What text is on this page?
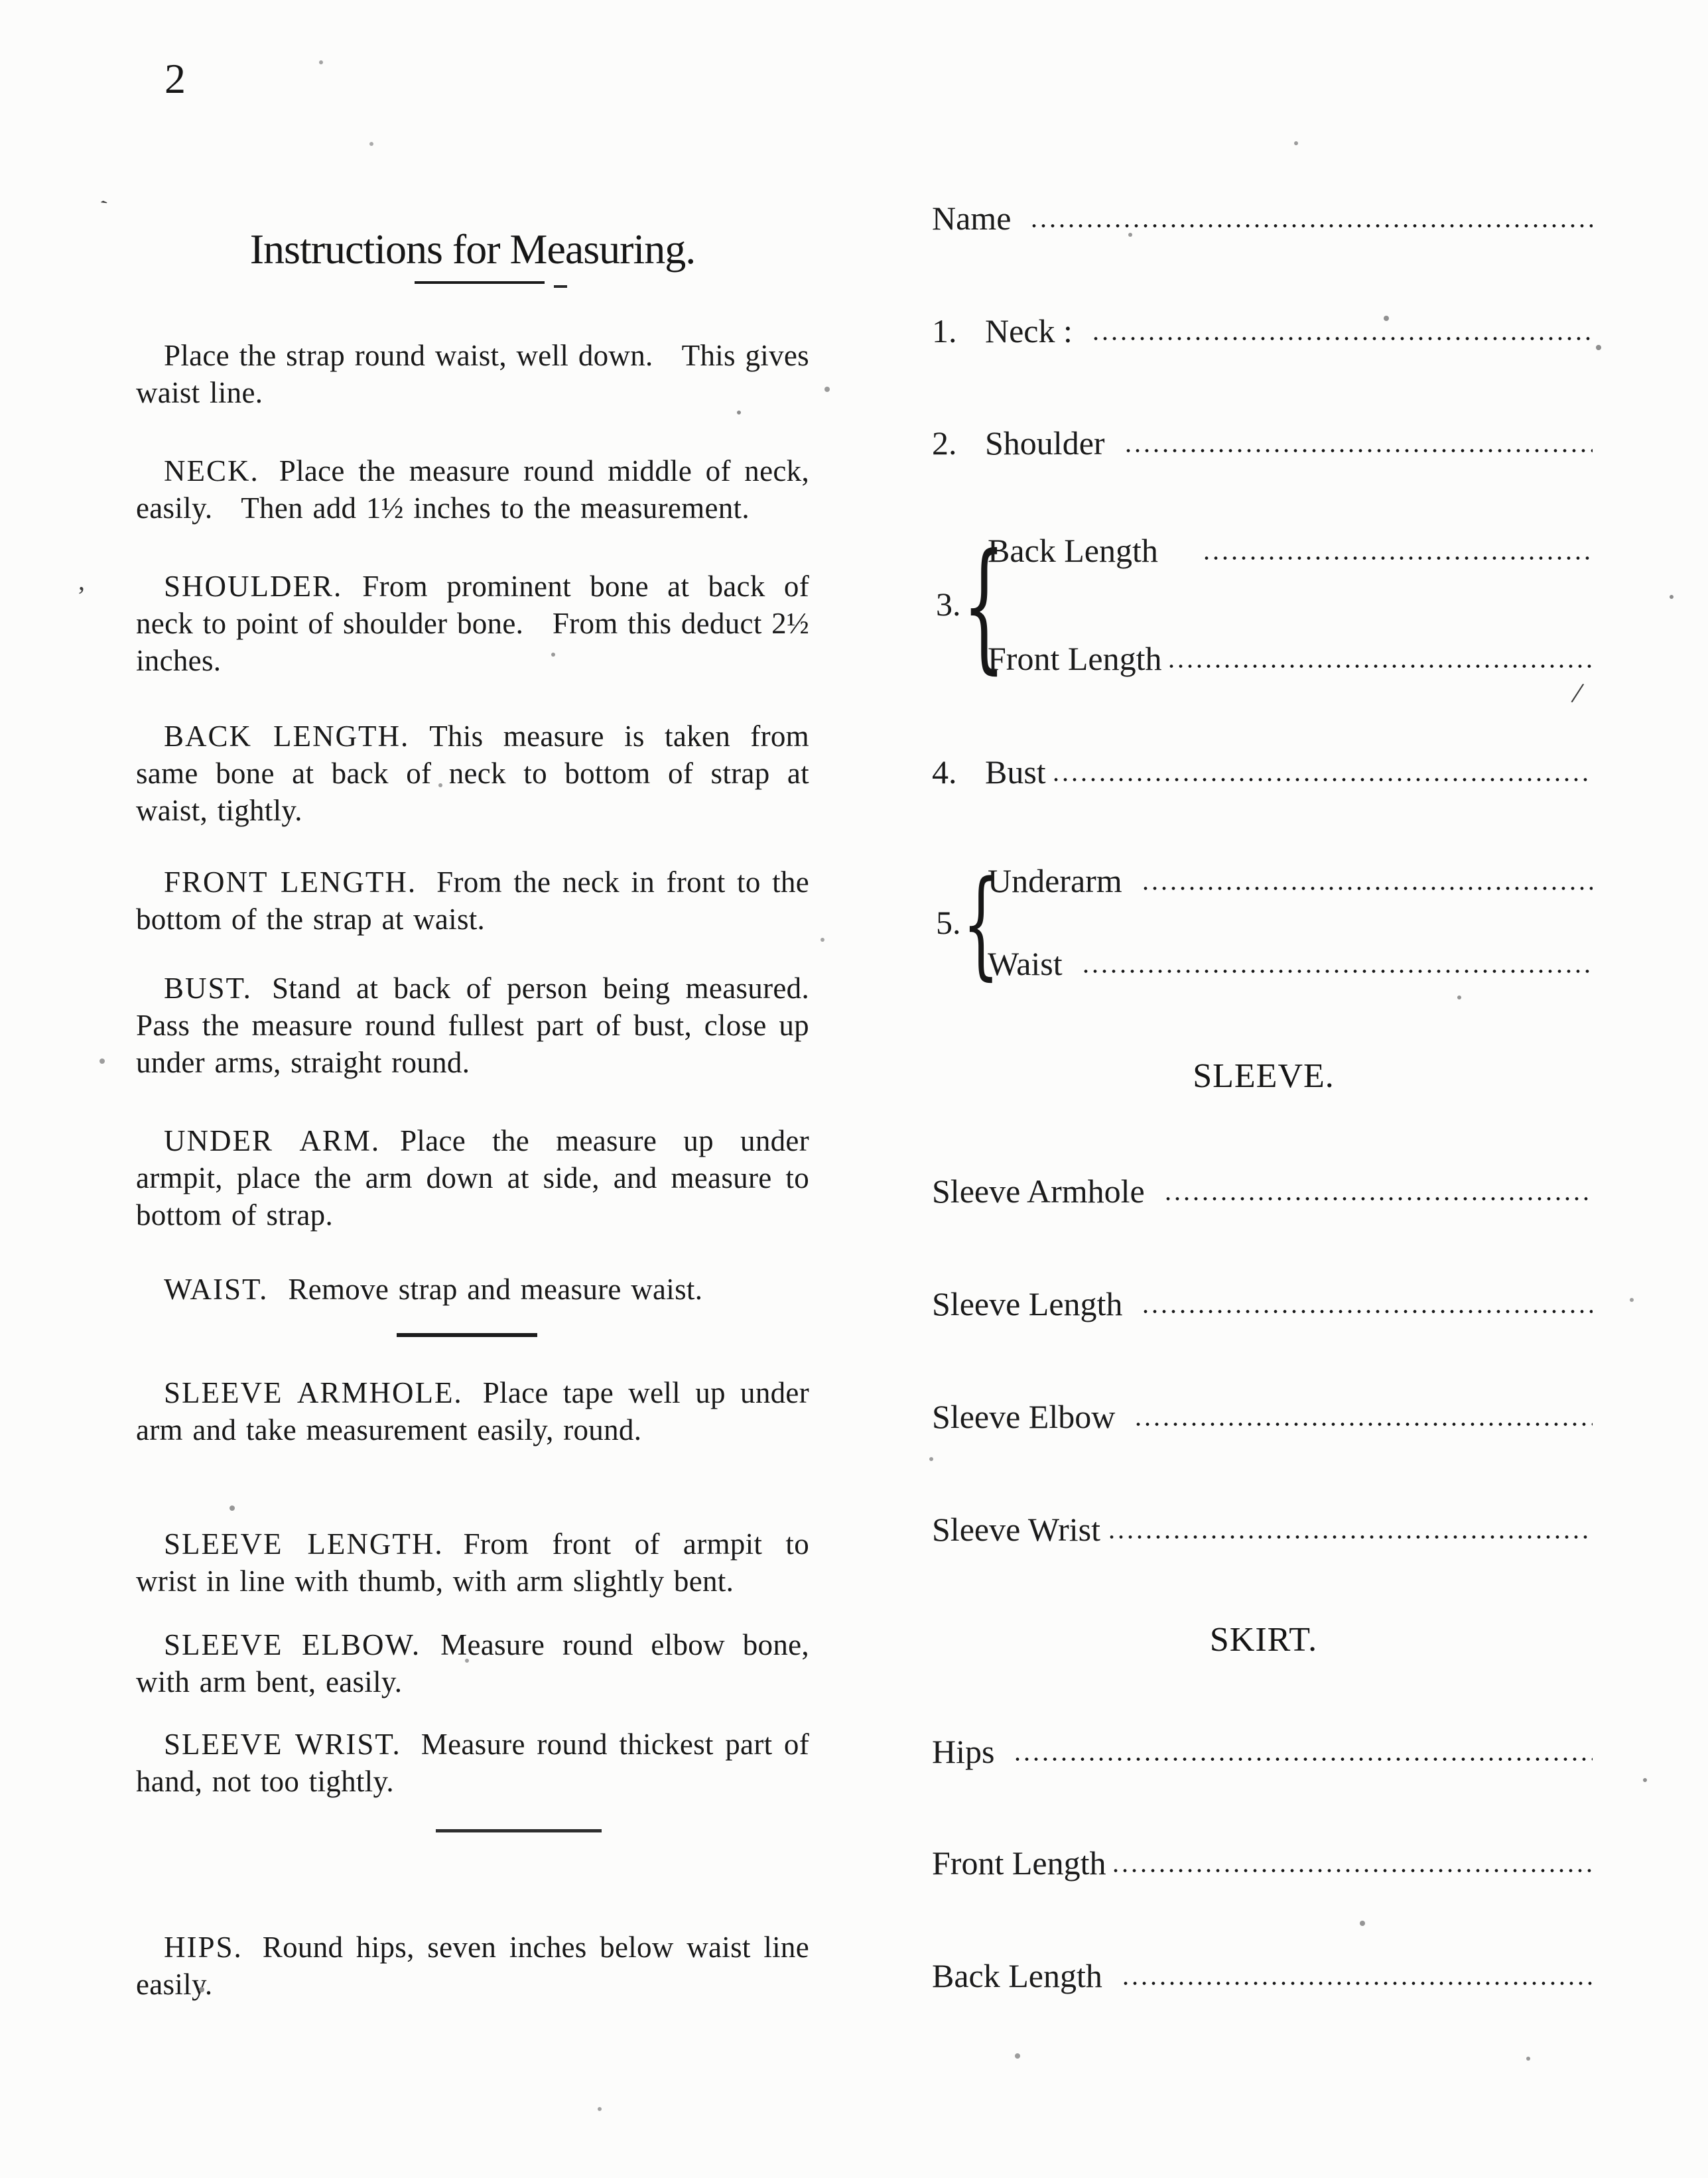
2
Instructions for Measuring.

Place the strap round waist, well down.   This gives waist line.

NECK. Place the measure round middle of neck, easily.   Then add 1½ inches to the measurement.

SHOULDER. From prominent bone at back of neck to point of shoulder bone.   From this deduct 2½ inches.

BACK LENGTH. This measure is taken from same bone at back of neck to bottom of strap at waist, tightly.

FRONT LENGTH. From the neck in front to the bottom of the strap at waist.

BUST. Stand at back of person being measured. Pass the measure round fullest part of bust, close up under arms, straight round.

UNDER ARM. Place the measure up under armpit, place the arm down at side, and measure to bottom of strap.

WAIST. Remove strap and measure waist.

SLEEVE ARMHOLE. Place tape well up under arm and take measurement easily, round.

SLEEVE LENGTH. From front of armpit to wrist in line with thumb, with arm slightly bent.

SLEEVE ELBOW. Measure round elbow bone, with arm bent, easily.

SLEEVE WRIST. Measure round thickest part of hand, not too tightly.

HIPS. Round hips, seven inches below waist line easily.

Name
1. Neck :
2. Shoulder
3. {
Back Length
Front Length
4. Bust
5. {
Underarm
Waist
SLEEVE.
Sleeve Armhole
Sleeve Length
Sleeve Elbow
Sleeve Wrist
SKIRT.
Hips
Front Length
Back Length
/
‚
ˎ
